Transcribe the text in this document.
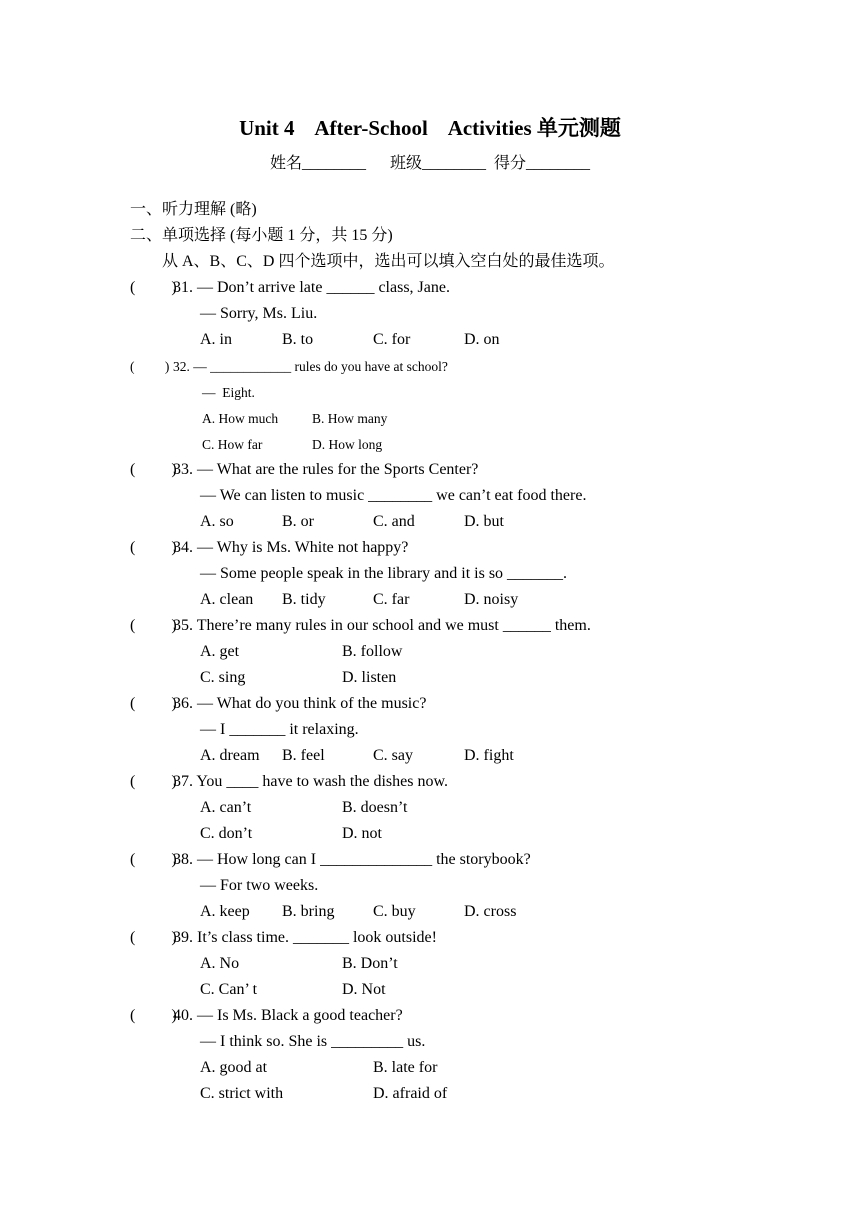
Unit 4    After-School    Activities 单元测题
姓名________      班级________  得分________
一、听力理解 (略)
二、单项选择 (每小题 1 分，共 15 分)
从 A、B、C、D 四个选项中，选出可以填入空白处的最佳选项。
(         )
31. — Don’t arrive late ______ class, Jane.
— Sorry, Ms. Liu.
A. in	B. to	C. for	D. on
(         ) 32. — ____________ rules do you have at school?
—  Eight.
A. How much	B. How many
C. How far	D. How long
(         )
33. — What are the rules for the Sports Center?
— We can listen to music ________ we can’t eat food there.
A. so	B. or	C. and	D. but
(         )
34. — Why is Ms. White not happy?
— Some people speak in the library and it is so _______.
A. clean B. tidy	C. far	D. noisy
(         )
35. There’re many rules in our school and we must ______ them.
A. get	B. follow
C. sing	D. listen
(         )
36. — What do you think of the music?
— I _______ it relaxing.
A. dream B. feel	C. say	D. fight
(         )
37. You ____ have to wash the dishes now.
A. can’t	B. doesn’t
C. don’t	D. not
(         )
38. — How long can I ______________ the storybook?
— For two weeks.
A. keep B. bring C. buy	D. cross
(         )
39. It’s class time. _______ look outside!
A. No	B. Don’t
C. Can’ t	D. Not
(         )
40. — Is Ms. Black a good teacher?
— I think so. She is _________ us.
A. good at	B. late for
C. strict with	D. afraid of
